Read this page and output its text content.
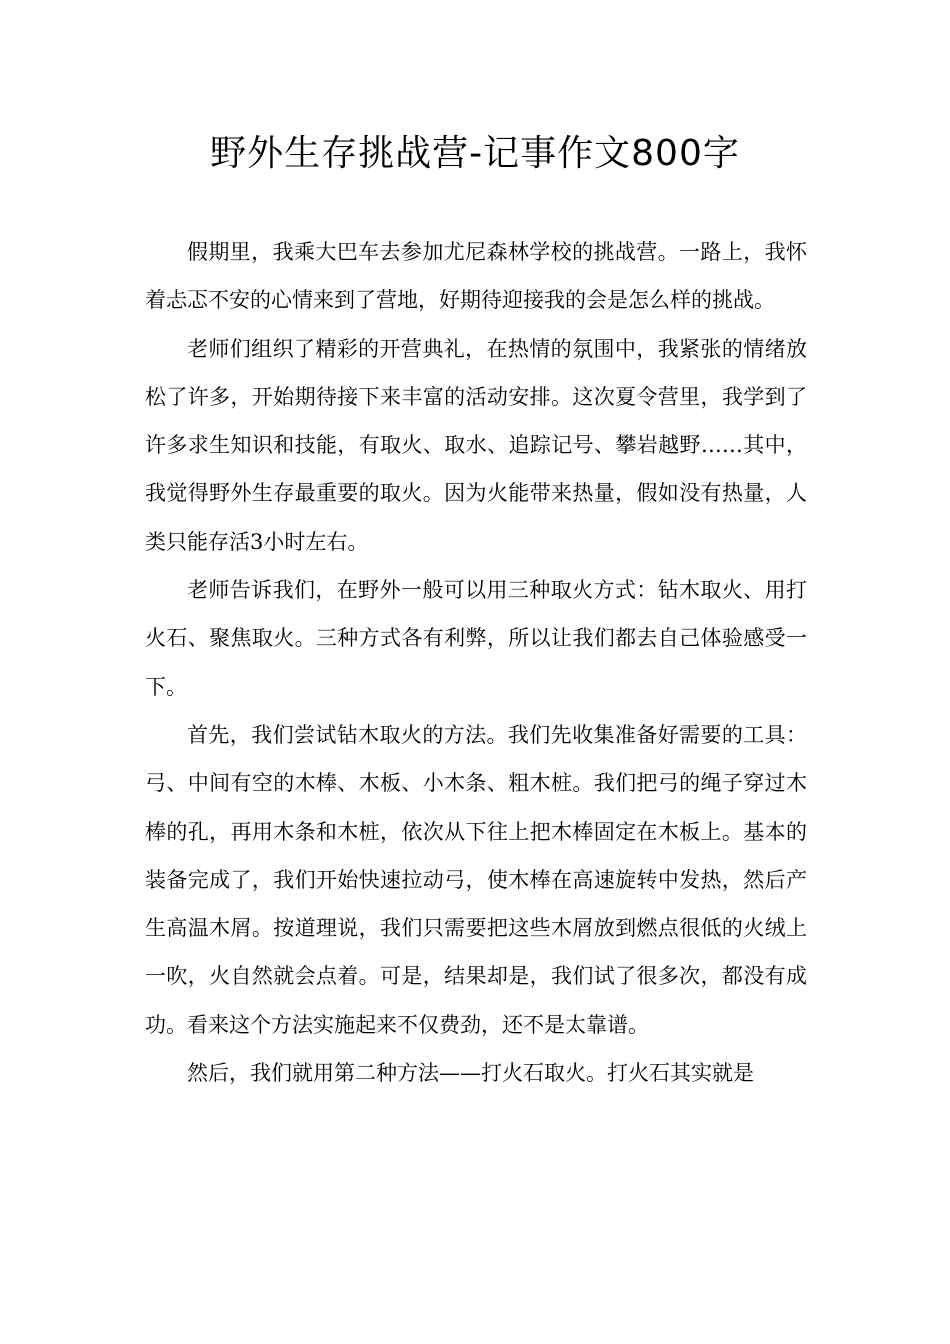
野外生存挑战营-记事作文800字

假期里，我乘大巴车去参加尤尼森林学校的挑战营。一路上，我怀着忐忑不安的心情来到了营地，好期待迎接我的会是怎么样的挑战。

老师们组织了精彩的开营典礼，在热情的氛围中，我紧张的情绪放松了许多，开始期待接下来丰富的活动安排。这次夏令营里，我学到了许多求生知识和技能，有取火、取水、追踪记号、攀岩越野……其中，我觉得野外生存最重要的取火。因为火能带来热量，假如没有热量，人类只能存活3小时左右。

老师告诉我们，在野外一般可以用三种取火方式：钻木取火、用打火石、聚焦取火。三种方式各有利弊，所以让我们都去自己体验感受一下。

首先，我们尝试钻木取火的方法。我们先收集准备好需要的工具：弓、中间有空的木棒、木板、小木条、粗木桩。我们把弓的绳子穿过木棒的孔，再用木条和木桩，依次从下往上把木棒固定在木板上。基本的装备完成了，我们开始快速拉动弓，使木棒在高速旋转中发热，然后产生高温木屑。按道理说，我们只需要把这些木屑放到燃点很低的火绒上一吹，火自然就会点着。可是，结果却是，我们试了很多次，都没有成功。看来这个方法实施起来不仅费劲，还不是太靠谱。

然后，我们就用第二种方法——打火石取火。打火石其实就是
